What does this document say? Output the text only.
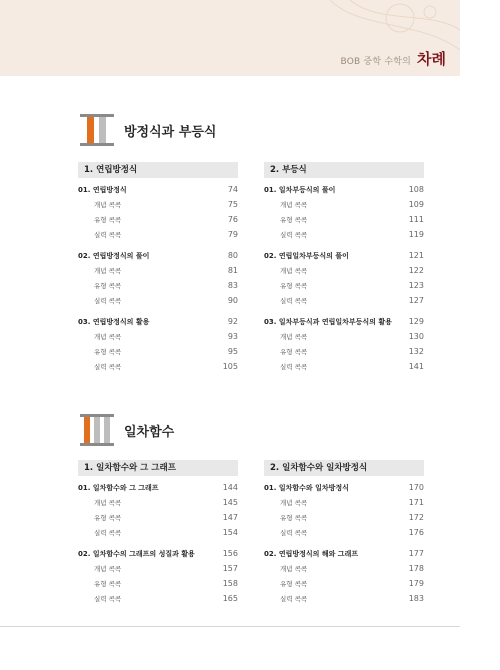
BOB 중학 수학의 차례
방정식과 부등식
1. 연립방정식
01. 연립방정식	74
개념 콕콕	75
유형 콕콕	76
실력 콕콕	79
02. 연립방정식의 풀이	80
개념 콕콕	81
유형 콕콕	83
실력 콕콕	90
03. 연립방정식의 활용	92
개념 콕콕	93
유형 콕콕	95
실력 콕콕	105
2. 부등식
01. 일차부등식의 풀이	108
개념 콕콕	109
유형 콕콕	111
실력 콕콕	119
02. 연립일차부등식의 풀이	121
개념 콕콕	122
유형 콕콕	123
실력 콕콕	127
03. 일차부등식과 연립일차부등식의 활용	129
개념 콕콕	130
유형 콕콕	132
실력 콕콕	141
일차함수
1. 일차함수와 그 그래프
01. 일차함수와 그 그래프	144
개념 콕콕	145
유형 콕콕	147
실력 콕콕	154
02. 일차함수의 그래프의 성질과 활용	156
개념 콕콕	157
유형 콕콕	158
실력 콕콕	165
2. 일차함수와 일차방정식
01. 일차함수와 일차방정식	170
개념 콕콕	171
유형 콕콕	172
실력 콕콕	176
02. 연립방정식의 해와 그래프	177
개념 콕콕	178
유형 콕콕	179
실력 콕콕	183
